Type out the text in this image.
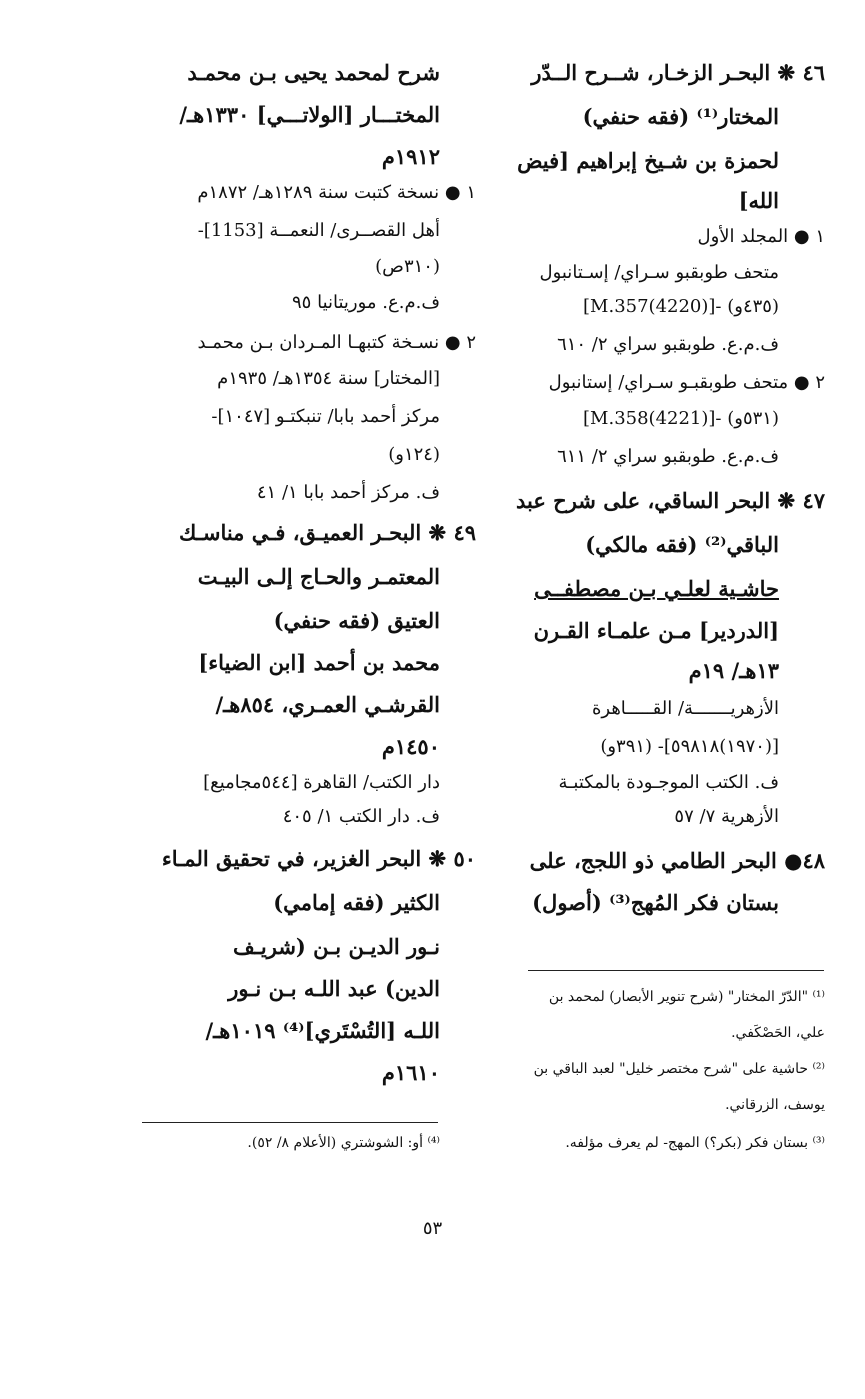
٤٦ ❋ البحـر الزخـار، شــرح الــدّر
المختار⁽¹⁾ (فقه حنفي)
لحمزة بن شـيخ إبراهيم [فيض
الله]
١ ● المجلد الأول
متحف طوبقبو سـراي/ إسـتانبول
[M.357(4220)]- (٤٣٥و)
ف.م.ع. طوبقبو سراي ٢/ ٦١٠
٢ ● متحف طوبقبـو سـراي/ إستانبول
[M.358(4221)]- (٥٣١و)
ف.م.ع. طوبقبو سراي ٢/ ٦١١
٤٧ ❋ البحر الساقي، على شرح عبد
الباقي⁽²⁾ (فقه مالكي)
حاشـية لعلـي بـن مصطفــى
[الدردير] مـن علمـاء القـرن
١٣هـ/ ١٩م
الأزهريـــــــة/ القـــــاهرة
[(١٩٧٠)٥٩٨١٨]- (٣٩١و)
ف. الكتب الموجـودة بالمكتبـة
الأزهرية ٧/ ٥٧
٤٨● البحر الطامي ذو اللجج، على
بستان فكر المُهج⁽³⁾ (أصول)
شرح لمحمد يحيى بـن محمـد
المختـــار [الولاتـــي] ١٣٣٠هـ/
١٩١٢م
١ ● نسخة كتبت سنة ١٢٨٩هـ/ ١٨٧٢م
أهل القصــرى/ النعمــة [1153]-
(٣١٠ص)
ف.م.ع. موريتانيا ٩٥
٢ ● نسـخة كتبهـا المـردان بـن محمـد
[المختار] سنة ١٣٥٤هـ/ ١٩٣٥م
مركز أحمد بابا/ تنبكتـو [١٠٤٧]-
(١٢٤و)
ف. مركز أحمد بابا ١/ ٤١
٤٩ ❋ البحـر العميـق، فـي مناسـك
المعتمـر والحـاج إلـى البيـت
العتيق (فقه حنفي)
محمد بن أحمد [ابن الضياء]
القرشـي العمـري، ٨٥٤هـ/
١٤٥٠م
دار الكتب/ القاهرة [٥٤٤مجاميع]
ف. دار الكتب ١/ ٤٠٥
٥٠ ❋ البحر الغزير، في تحقيق المـاء
الكثير (فقه إمامي)
نـور الديـن بـن (شريـف
الدين) عبد اللـه بـن نـور
اللـه [التُسْتَري]⁽⁴⁾ ١٠١٩هـ/
١٦١٠م
⁽¹⁾ "الدّرّ المختار" (شرح تنوير الأبصار) لمحمد بن
علي، الحَصْكَفي.
⁽²⁾ حاشية على "شرح مختصر خليل" لعبد الباقي بن
يوسف، الزرقاني.
⁽³⁾ بستان فكر (بكر؟) المهج- لم يعرف مؤلفه.
⁽⁴⁾ أو: الشوشتري (الأعلام ٨/ ٥٢).
٥٣
